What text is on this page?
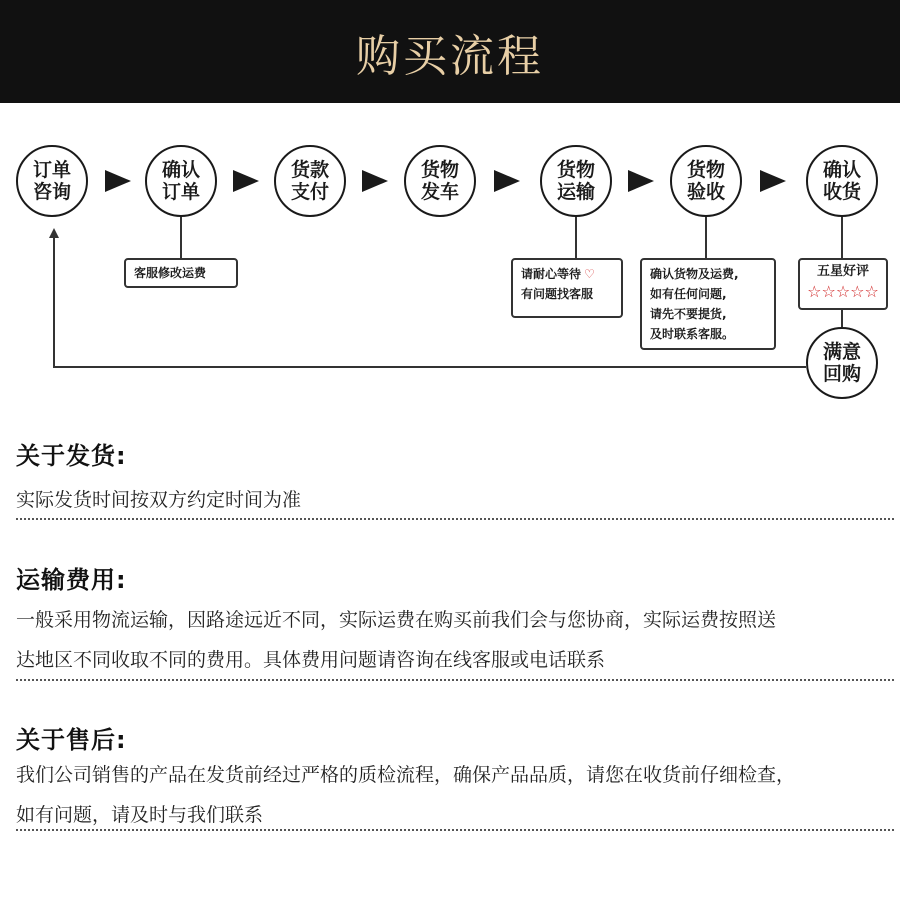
购买流程
订单咨询
确认订单
货款支付
货物发车
货物运输
货物验收
确认收货
客服修改运费	请耐心等待 ♡
有问题找客服
确认货物及运费,
如有任何问题,
请先不要提货,
及时联系客服。
五星好评
☆☆☆☆☆
满意回购
关于发货:
实际发货时间按双方约定时间为准
运输费用:
一般采用物流运输，因路途远近不同，实际运费在购买前我们会与您协商，实际运费按照送
达地区不同收取不同的费用。具体费用问题请咨询在线客服或电话联系
关于售后:
我们公司销售的产品在发货前经过严格的质检流程，确保产品品质，请您在收货前仔细检查，
如有问题，请及时与我们联系
